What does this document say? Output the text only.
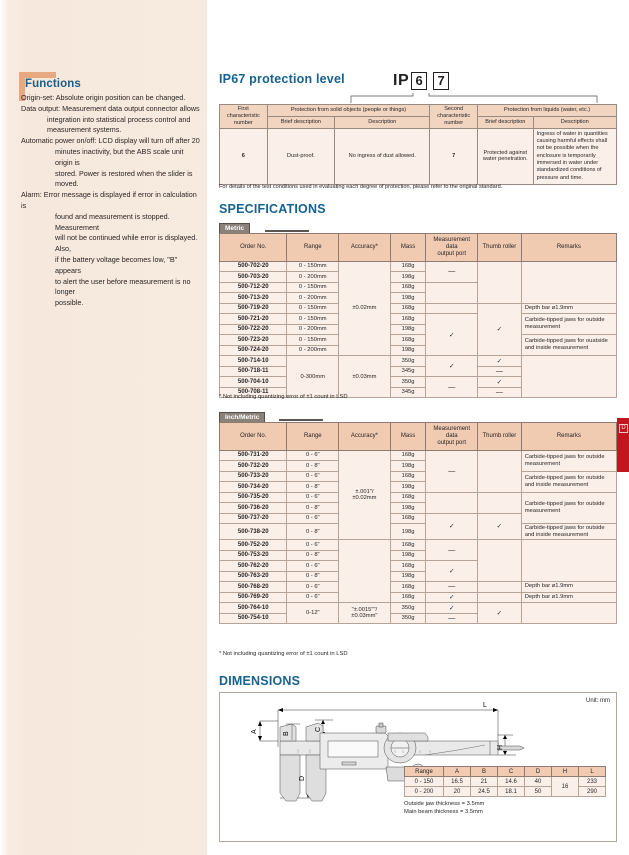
Functions
Origin-set: Absolute origin position can be changed.
Data output: Measurement data output connector allows
integration into statistical process control and
measurement systems.
Automatic power on/off: LCD display will turn off after 20
minutes inactivity, but the ABS scale unit origin is
stored. Power is restored when the slider is moved.
Alarm: Error message is displayed if error in calculation is
found and measurement is stopped. Measurement
will not be continued while error is displayed. Also,
if the battery voltage becomes low, "B" appears
to alert the user before measurement is no longer
possible.
IP67 protection level	IP 6 7
First
characteristic
number	Protection from solid objects (people or things)		Second
characteristic
number	Protection from liquids (water, etc.)	
	Brief description	Description		Brief description	Description
6	Dust-proof.	No ingress of dust allowed.	7	Protected against water penetration.	Ingress of water in quantities causing harmful effects shall not be possible when the enclosure is temporarily immersed in water under standardized conditions of pressure and time.
For details of the test conditions used in evaluating each degree of protection, please refer to the original standard.
SPECIFICATIONS
Metric
Order No.	Range	Accuracy*	Mass	Measurement data
output port	Thumb roller	Remarks
500-702-20	0 - 150mm	±0.02mm	168g	—		
500-703-20	0 - 200mm		198g			
500-712-20	0 - 150mm		168g			
500-713-20	0 - 200mm		198g			
500-719-20	0 - 150mm		168g		✓	Depth bar ø1.9mm
500-721-20	0 - 150mm		168g	✓		Carbide-tipped jaws for outside measurement
500-722-20	0 - 200mm		198g			
500-723-20	0 - 150mm		168g			Carbide-tipped jaws for ouatside and inside measurement
500-724-20	0 - 200mm		198g			
500-714-10	0-300mm	±0.03mm	350g	✓	✓	
500-718-11			345g		—	
500-704-10			350g	—	✓	
500-708-11			345g		—	
* Not including quantizing error of ±1 count in LSD
Inch/Metric
Order No.	Range	Accuracy*	Mass	Measurement data
output port	Thumb roller	Remarks
500-731-20	0 - 6"	±.001"/
±0.02mm	168g	—		Carbide-tipped jaws for outside measurement
500-732-20	0 - 8"		198g			
500-733-20	0 - 6"		168g			Carbide-tipped jaws for outside and inside measurement
500-734-20	0 - 8"		198g			
500-735-20	0 - 6"		168g			Carbide-tipped jaws for outside measurement
500-736-20	0 - 8"		198g			
500-737-20	0 - 6"		168g	✓	✓	
500-738-20	0 - 8"		198g			Carbide-tipped jaws for outside and inside measurement
500-752-20	0 - 6"		168g	—		
500-753-20	0 - 8"		198g			
500-762-20	0 - 6"		168g	✓		
500-763-20	0 - 8"		198g			
500-768-20	0 - 6"		168g	—		Depth bar ø1.9mm
500-769-20	0 - 6"		168g	✓		Depth bar ø1.9mm
500-764-10	0-12"	"±.0015""/
±0.03mm"	350g	✓	✓	
500-754-10			350g	—		
* Not including quantizing error of ±1 count in LSD
DIMENSIONS
Unit: mm
L
A	B
C
D
H
Range	A	B	C	D	H	L
0 - 150	16.5	21	14.6	40	16	233
0 - 200	20	24.5	18.1	50		290
Outside jaw thickness = 3.5mm
Main beam thickness = 3.5mm
D
